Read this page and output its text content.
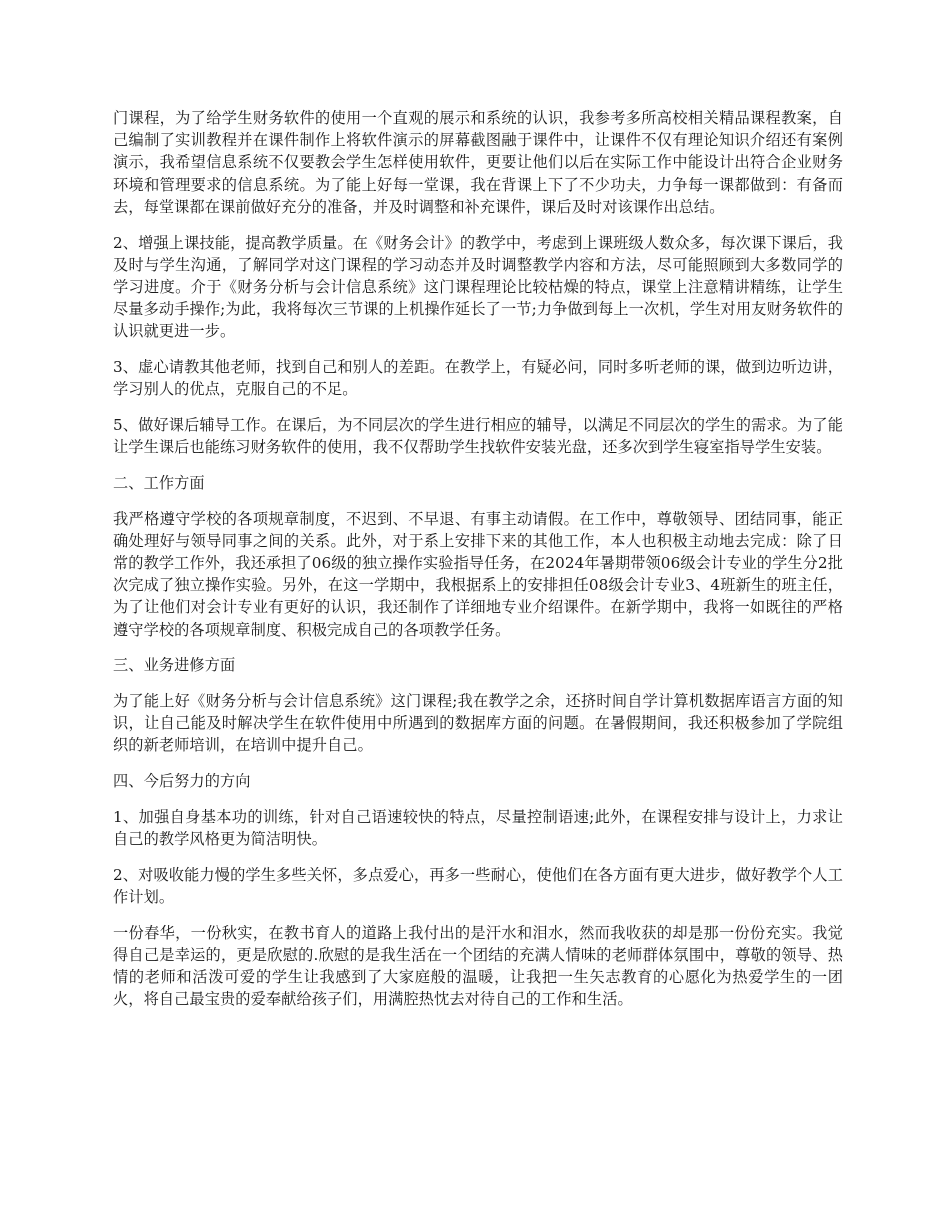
门课程，为了给学生财务软件的使用一个直观的展示和系统的认识，我参考多所高校相关精品课程教案，自己编制了实训教程并在课件制作上将软件演示的屏幕截图融于课件中，让课件不仅有理论知识介绍还有案例演示，我希望信息系统不仅要教会学生怎样使用软件，更要让他们以后在实际工作中能设计出符合企业财务环境和管理要求的信息系统。为了能上好每一堂课，我在背课上下了不少功夫，力争每一课都做到：有备而去，每堂课都在课前做好充分的准备，并及时调整和补充课件，课后及时对该课作出总结。

2、增强上课技能，提高教学质量。在《财务会计》的教学中，考虑到上课班级人数众多，每次课下课后，我及时与学生沟通，了解同学对这门课程的学习动态并及时调整教学内容和方法，尽可能照顾到大多数同学的学习进度。介于《财务分析与会计信息系统》这门课程理论比较枯燥的特点，课堂上注意精讲精练，让学生尽量多动手操作;为此，我将每次三节课的上机操作延长了一节;力争做到每上一次机，学生对用友财务软件的认识就更进一步。

3、虚心请教其他老师，找到自己和别人的差距。在教学上，有疑必问，同时多听老师的课，做到边听边讲，学习别人的优点，克服自己的不足。

5、做好课后辅导工作。在课后，为不同层次的学生进行相应的辅导，以满足不同层次的学生的需求。为了能让学生课后也能练习财务软件的使用，我不仅帮助学生找软件安装光盘，还多次到学生寝室指导学生安装。

二、工作方面

我严格遵守学校的各项规章制度，不迟到、不早退、有事主动请假。在工作中，尊敬领导、团结同事，能正确处理好与领导同事之间的关系。此外，对于系上安排下来的其他工作，本人也积极主动地去完成：除了日常的教学工作外，我还承担了06级的独立操作实验指导任务，在2024年暑期带领06级会计专业的学生分2批次完成了独立操作实验。另外，在这一学期中，我根据系上的安排担任08级会计专业3、4班新生的班主任，为了让他们对会计专业有更好的认识，我还制作了详细地专业介绍课件。在新学期中，我将一如既往的严格遵守学校的各项规章制度、积极完成自己的各项教学任务。

三、业务进修方面

为了能上好《财务分析与会计信息系统》这门课程;我在教学之余，还挤时间自学计算机数据库语言方面的知识，让自己能及时解决学生在软件使用中所遇到的数据库方面的问题。在暑假期间，我还积极参加了学院组织的新老师培训，在培训中提升自己。

四、今后努力的方向

1、加强自身基本功的训练，针对自己语速较快的特点，尽量控制语速;此外，在课程安排与设计上，力求让自己的教学风格更为简洁明快。

2、对吸收能力慢的学生多些关怀，多点爱心，再多一些耐心，使他们在各方面有更大进步，做好教学个人工作计划。

一份春华，一份秋实，在教书育人的道路上我付出的是汗水和泪水，然而我收获的却是那一份份充实。我觉得自己是幸运的，更是欣慰的.欣慰的是我生活在一个团结的充满人情味的老师群体氛围中，尊敬的领导、热情的老师和活泼可爱的学生让我感到了大家庭般的温暖，让我把一生矢志教育的心愿化为热爱学生的一团火，将自己最宝贵的爱奉献给孩子们，用满腔热忱去对待自己的工作和生活。
